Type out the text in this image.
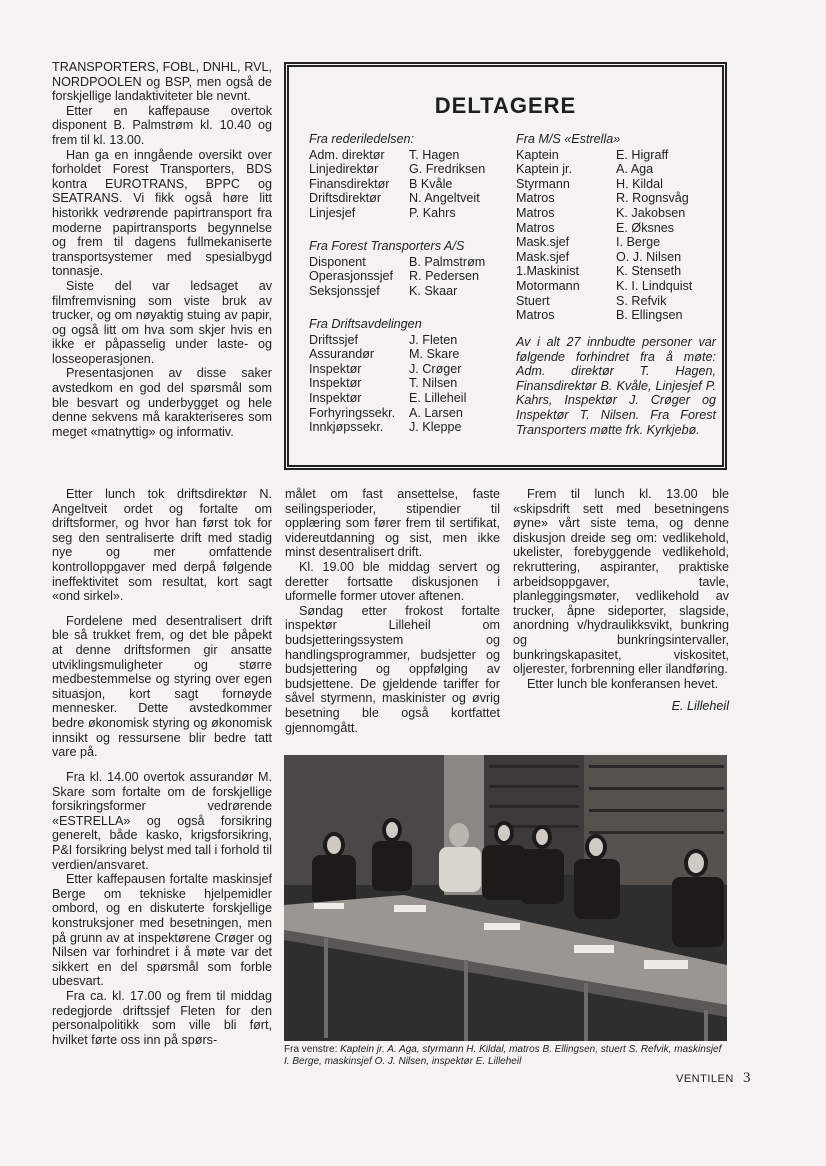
TRANSPORTERS, FOBL, DNHL, RVL, NORDPOOLEN og BSP, men også de forskjellige landaktiviteter ble nevnt.

Etter en kaffepause overtok disponent B. Palmstrøm kl. 10.40 og frem til kl. 13.00.

Han ga en inngående oversikt over forholdet Forest Transporters, BDS kontra EUROTRANS, BPPC og SEATRANS. Vi fikk også høre litt historikk vedrørende papirtransport fra moderne papirtransports begynnelse og frem til dagens fullmekaniserte transportsystemer med spesialbygd tonnasje.

Siste del var ledsaget av filmfremvisning som viste bruk av trucker, og om nøyaktig stuing av papir, og også litt om hva som skjer hvis en ikke er påpasselig under laste- og losseoperasjonen.

Presentasjonen av disse saker avstedkom en god del spørsmål som ble besvart og underbygget og hele denne sekvens må karakteriseres som meget «matnyttig» og informativ.

DELTAGERE
Fra rederiledelsen:
Adm. direktør	T. Hagen
Linjedirektør	G. Fredriksen
Finansdirektør	B Kvåle
Driftsdirektør	N. Angeltveit
Linjesjef	P. Kahrs
Fra Forest Transporters A/S
Disponent	B. Palmstrøm
Operasjonssjef	R. Pedersen
Seksjonssjef	K. Skaar
Fra Driftsavdelingen
Driftssjef	J. Fleten
Assurandør	M. Skare
Inspektør	J. Crøger
Inspektør	T. Nilsen
Inspektør	E. Lilleheil
Forhyringssekr.	A. Larsen
Innkjøpssekr.	J. Kleppe
Fra M/S «Estrella»
Kaptein	E. Higraff
Kaptein jr.	A. Aga
Styrmann	H. Kildal
Matros	R. Rognsvåg
Matros	K. Jakobsen
Matros	E. Øksnes
Mask.sjef	I. Berge
Mask.sjef	O. J. Nilsen
1.Maskinist	K. Stenseth
Motormann	K. I. Lindquist
Stuert	S. Refvik
Matros	B. Ellingsen
Av i alt 27 innbudte personer var følgende forhindret fra å møte: Adm. direktør T. Hagen, Finansdirektør B. Kvåle, Linjesjef P. Kahrs, Inspektør J. Crøger og Inspektør T. Nilsen. Fra Forest Transporters møtte frk. Kyrkjebø.

Etter lunch tok driftsdirektør N. Angeltveit ordet og fortalte om driftsformer, og hvor han først tok for seg den sentraliserte drift med stadig nye og mer omfattende kontrolloppgaver med derpå følgende ineffektivitet som resultat, kort sagt «ond sirkel».

Fordelene med desentralisert drift ble så trukket frem, og det ble påpekt at denne driftsformen gir ansatte utviklingsmuligheter og større medbestemmelse og styring over egen situasjon, kort sagt fornøyde mennesker. Dette avstedkommer bedre økonomisk styring og økonomisk innsikt og ressursene blir bedre tatt vare på.

Fra kl. 14.00 overtok assurandør M. Skare som fortalte om de forskjellige forsikringsformer vedrørende «ESTRELLA» og også forsikring generelt, både kasko, krigsforsikring, P&I forsikring belyst med tall i forhold til verdien/ansvaret.

Etter kaffepausen fortalte maskinsjef Berge om tekniske hjelpemidler ombord, og en diskuterte forskjellige konstruksjoner med besetningen, men på grunn av at inspektørene Crøger og Nilsen var forhindret i å møte var det sikkert en del spørsmål som forble ubesvart.

Fra ca. kl. 17.00 og frem til middag redegjorde driftssjef Fleten for den personalpolitikk som ville bli ført, hvilket førte oss inn på spørs-

målet om fast ansettelse, faste seilingsperioder, stipendier til opplæring som fører frem til sertifikat, videreutdanning og sist, men ikke minst desentralisert drift.

Kl. 19.00 ble middag servert og deretter fortsatte diskusjonen i uformelle former utover aftenen.

Søndag etter frokost fortalte inspektør Lilleheil om budsjetteringssystem og handlingsprogrammer, budsjetter og budsjettering og oppfølging av budsjettene. De gjeldende tariffer for såvel styrmenn, maskinister og øvrig besetning ble også kortfattet gjennomgått.

Frem til lunch kl. 13.00 ble «skipsdrift sett med besetningens øyne» vårt siste tema, og denne diskusjon dreide seg om: vedlikehold, ukelister, forebyggende vedlikehold, rekruttering, aspiranter, praktiske arbeidsoppgaver, tavle, planleggingsmøter, vedlikehold av trucker, åpne sideporter, slagside, anordning v/hydraulikksvikt, bunkring og bunkringsintervaller, bunkringskapasitet, viskositet, oljerester, forbrenning eller ilandføring.

Etter lunch ble konferansen hevet.

E. Lilleheil
Fra venstre: Kaptein jr. A. Aga, styrmann H. Kildal, matros B. Ellingsen, stuert S. Refvik, maskinsjef I. Berge, maskinsjef O. J. Nilsen, inspektør E. Lilleheil
VENTILEN 3
